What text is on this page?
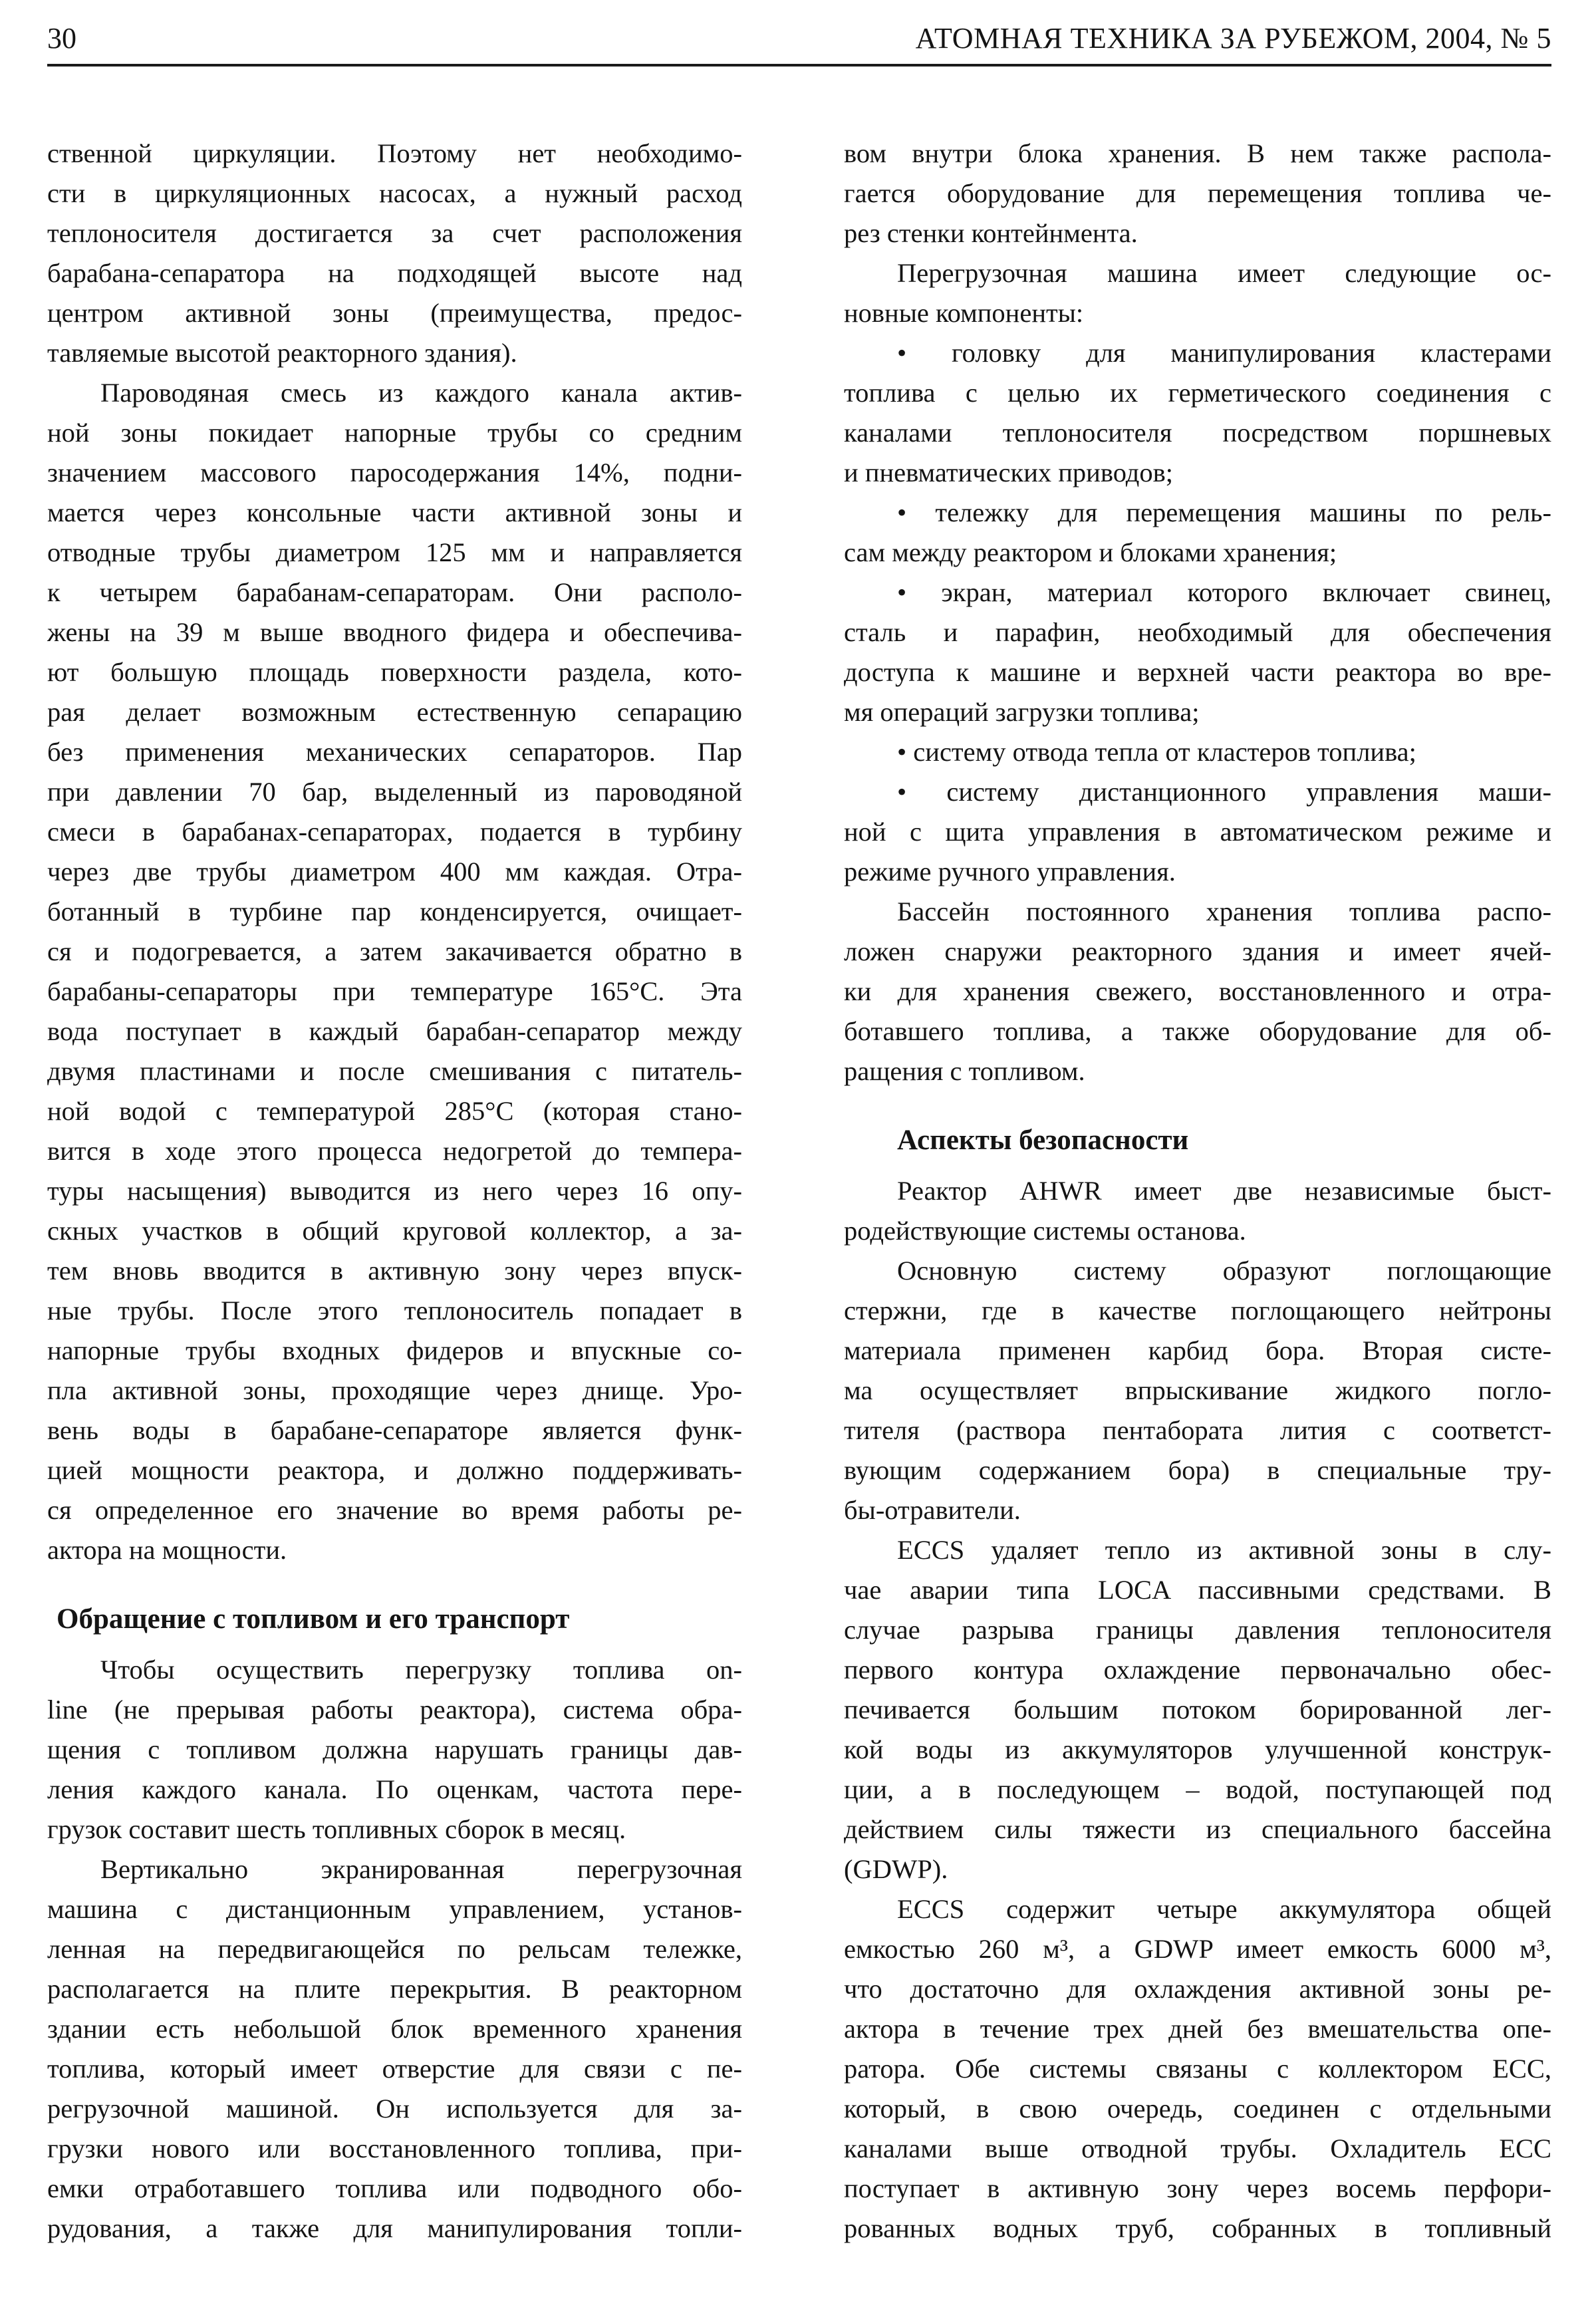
30	АТОМНАЯ ТЕХНИКА ЗА РУБЕЖОМ, 2004, № 5
ственной циркуляции. Поэтому нет необходимо-
сти в циркуляционных насосах, а нужный расход
теплоносителя достигается за счет расположения
барабана-сепаратора на подходящей высоте над
центром активной зоны (преимущества, предос-
тавляемые высотой реакторного здания).
Пароводяная смесь из каждого канала актив-
ной зоны покидает напорные трубы со средним
значением массового паросодержания 14%, подни-
мается через консольные части активной зоны и
отводные трубы диаметром 125 мм и направляется
к четырем барабанам-сепараторам. Они располо-
жены на 39 м выше вводного фидера и обеспечива-
ют большую площадь поверхности раздела, кото-
рая делает возможным естественную сепарацию
без применения механических сепараторов. Пар
при давлении 70 бар, выделенный из пароводяной
смеси в барабанах-сепараторах, подается в турбину
через две трубы диаметром 400 мм каждая. Отра-
ботанный в турбине пар конденсируется, очищает-
ся и подогревается, а затем закачивается обратно в
барабаны-сепараторы при температуре 165°С. Эта
вода поступает в каждый барабан-сепаратор между
двумя пластинами и после смешивания с питатель-
ной водой с температурой 285°С (которая стано-
вится в ходе этого процесса недогретой до темпера-
туры насыщения) выводится из него через 16 опу-
скных участков в общий круговой коллектор, а за-
тем вновь вводится в активную зону через впуск-
ные трубы. После этого теплоноситель попадает в
напорные трубы входных фидеров и впускные со-
пла активной зоны, проходящие через днище. Уро-
вень воды в барабане-сепараторе является функ-
цией мощности реактора, и должно поддерживать-
ся определенное его значение во время работы ре-
актора на мощности.
Обращение с топливом и его транспорт
Чтобы осуществить перегрузку топлива on-
line (не прерывая работы реактора), система обра-
щения с топливом должна нарушать границы дав-
ления каждого канала. По оценкам, частота пере-
грузок составит шесть топливных сборок в месяц.
Вертикально экранированная перегрузочная
машина с дистанционным управлением, установ-
ленная на передвигающейся по рельсам тележке,
располагается на плите перекрытия. В реакторном
здании есть небольшой блок временного хранения
топлива, который имеет отверстие для связи с пе-
регрузочной машиной. Он используется для за-
грузки нового или восстановленного топлива, при-
емки отработавшего топлива или подводного обо-
рудования, а также для манипулирования топли-
вом внутри блока хранения. В нем также распола-
гается оборудование для перемещения топлива че-
рез стенки контейнмента.
Перегрузочная машина имеет следующие ос-
новные компоненты:
• головку для манипулирования кластерами
топлива с целью их герметического соединения с
каналами теплоносителя посредством поршневых
и пневматических приводов;
• тележку для перемещения машины по рель-
сам между реактором и блоками хранения;
• экран, материал которого включает свинец,
сталь и парафин, необходимый для обеспечения
доступа к машине и верхней части реактора во вре-
мя операций загрузки топлива;
• систему отвода тепла от кластеров топлива;
• систему дистанционного управления маши-
ной с щита управления в автоматическом режиме и
режиме ручного управления.
Бассейн постоянного хранения топлива распо-
ложен снаружи реакторного здания и имеет ячей-
ки для хранения свежего, восстановленного и отра-
ботавшего топлива, а также оборудование для об-
ращения с топливом.
Аспекты безопасности
Реактор AHWR имеет две независимые быст-
родействующие системы останова.
Основную систему образуют поглощающие
стержни, где в качестве поглощающего нейтроны
материала применен карбид бора. Вторая систе-
ма осуществляет впрыскивание жидкого погло-
тителя (раствора пентабората лития с соответст-
вующим содержанием бора) в специальные тру-
бы-отравители.
ECCS удаляет тепло из активной зоны в слу-
чае аварии типа LOCA пассивными средствами. В
случае разрыва границы давления теплоносителя
первого контура охлаждение первоначально обес-
печивается большим потоком борированной лег-
кой воды из аккумуляторов улучшенной конструк-
ции, а в последующем – водой, поступающей под
действием силы тяжести из специального бассейна
(GDWP).
ECCS содержит четыре аккумулятора общей
емкостью 260 м³, а GDWP имеет емкость 6000 м³,
что достаточно для охлаждения активной зоны ре-
актора в течение трех дней без вмешательства опе-
ратора. Обе системы связаны с коллектором ECC,
который, в свою очередь, соединен с отдельными
каналами выше отводной трубы. Охладитель ECC
поступает в активную зону через восемь перфори-
рованных водных труб, собранных в топливный
